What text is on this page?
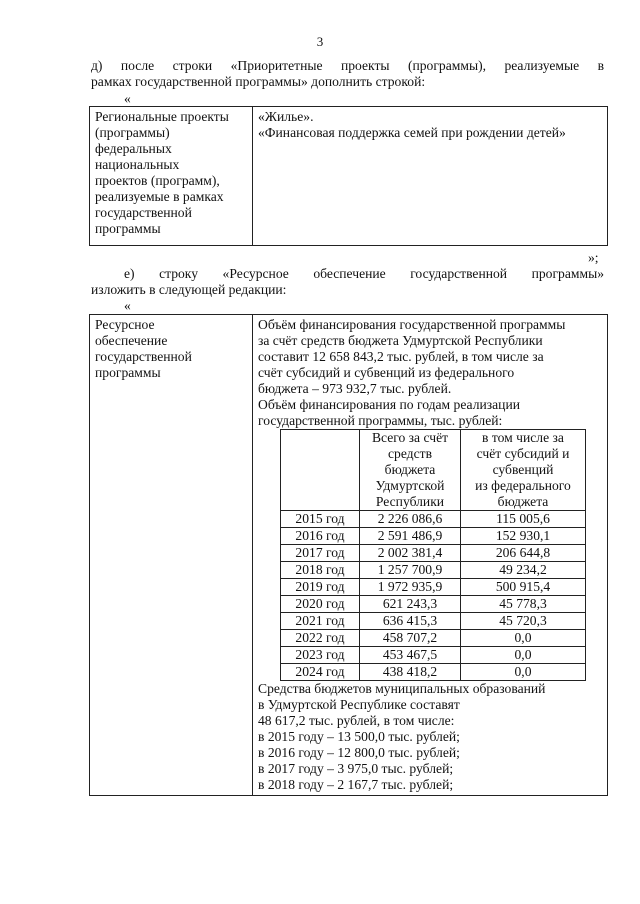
3
д) после строки «Приоритетные проекты (программы), реализуемые в
рамках государственной программы» дополнить строкой:
«
Региональные проекты
(программы)
федеральных
национальных
проектов (программ),
реализуемые в рамках
государственной
программы

«Жилье».
«Финансовая поддержка семей при рождении детей»
»;
е) строку «Ресурсное обеспечение государственной программы»
изложить в следующей редакции:
«
Ресурсное
обеспечение
государственной
программы

Объём финансирования государственной программы
за счёт средств бюджета Удмуртской Республики
составит 12 658 843,2 тыс. рублей, в том числе за
счёт субсидий и субвенций из федерального
бюджета – 973 932,7 тыс. рублей.
Объём финансирования по годам реализации
государственной программы, тыс. рублей:

Всего за счёт
средств
бюджета
Удмуртской
Республики

в том числе за
счёт субсидий и
субвенций
из федерального
бюджета

2015 год	2 226 086,6	115 005,6
2016 год	2 591 486,9	152 930,1
2017 год	2 002 381,4	206 644,8
2018 год	1 257 700,9	49 234,2
2019 год	1 972 935,9	500 915,4
2020 год	621 243,3	45 778,3
2021 год	636 415,3	45 720,3
2022 год	458 707,2	0,0
2023 год	453 467,5	0,0
2024 год	438 418,2	0,0
Средства бюджетов муниципальных образований
в Удмуртской Республике составят
48 617,2 тыс. рублей, в том числе:
в 2015 году – 13 500,0 тыс. рублей;
в 2016 году – 12 800,0 тыс. рублей;
в 2017 году – 3 975,0 тыс. рублей;
в 2018 году – 2 167,7 тыс. рублей;
